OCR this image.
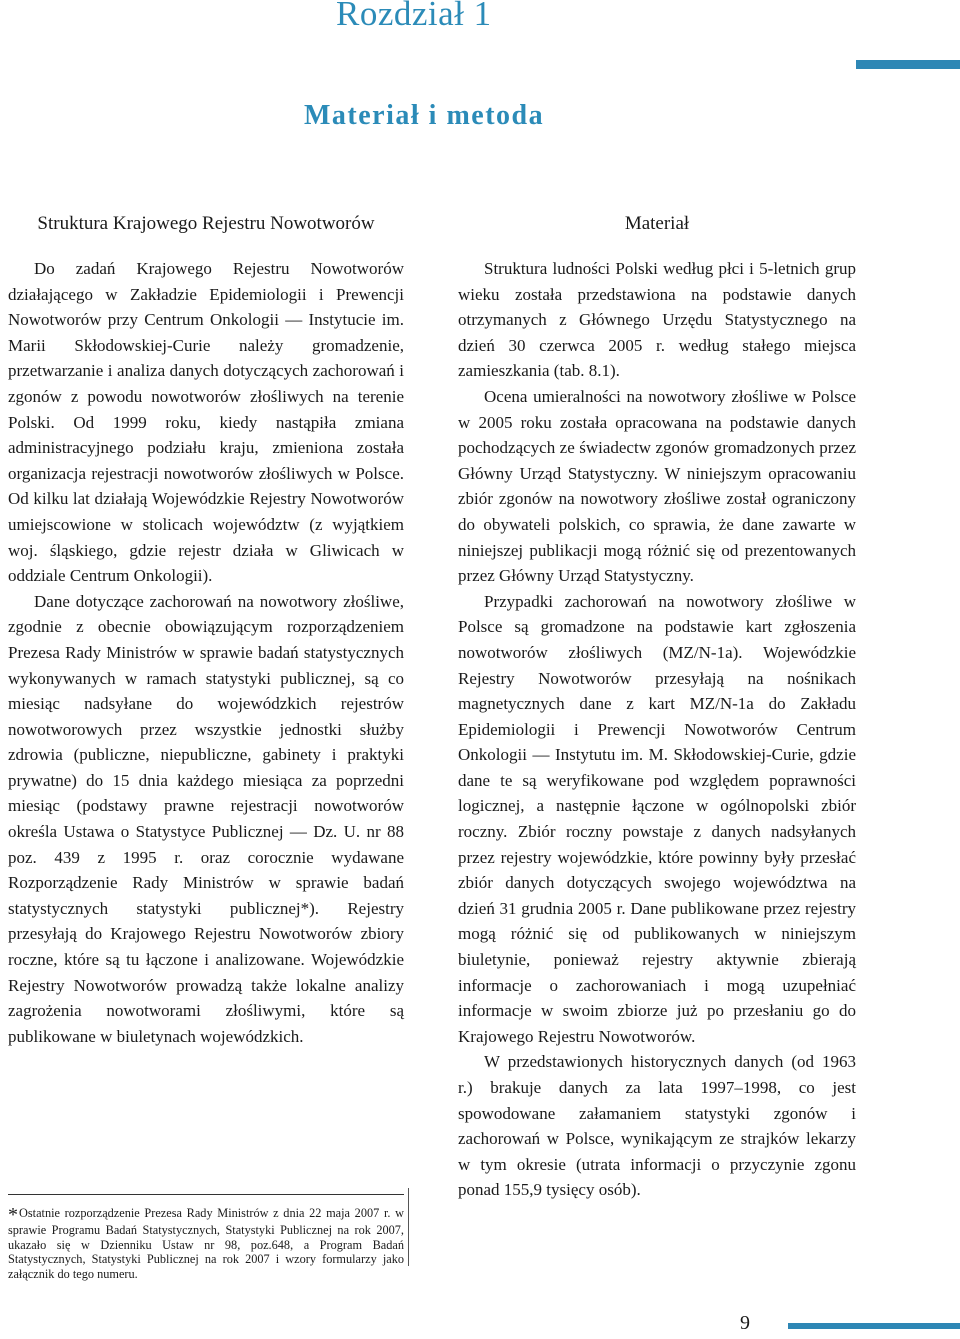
Rozdział 1
Materiał i metoda
Struktura Krajowego Rejestru Nowotworów

Do zadań Krajowego Rejestru Nowotworów działającego w Zakładzie Epidemiologii i Prewencji Nowotworów przy Centrum Onkologii — Instytucie im. Marii Skłodowskiej-Curie należy gromadzenie, przetwarzanie i analiza danych dotyczących zachorowań i zgonów z powodu nowotworów złośliwych na terenie Polski. Od 1999 roku, kiedy nastąpiła zmiana administracyjnego podziału kraju, zmieniona została organizacja rejestracji nowotworów złośliwych w Polsce. Od kilku lat działają Wojewódzkie Rejestry Nowotworów umiejscowione w stolicach województw (z wyjątkiem woj. śląskiego, gdzie rejestr działa w Gliwicach w oddziale Centrum Onkologii).

Dane dotyczące zachorowań na nowotwory złośliwe, zgodnie z obecnie obowiązującym rozporządzeniem Prezesa Rady Ministrów w sprawie badań statystycznych wykonywanych w ramach statystyki publicznej, są co miesiąc nadsyłane do wojewódzkich rejestrów nowotworowych przez wszystkie jednostki służby zdrowia (publiczne, niepubliczne, gabinety i praktyki prywatne) do 15 dnia każdego miesiąca za poprzedni miesiąc (podstawy prawne rejestracji nowotworów określa Ustawa o Statystyce Publicznej — Dz. U. nr 88 poz. 439 z 1995 r. oraz corocznie wydawane Rozporządzenie Rady Ministrów w sprawie badań statystycznych statystyki publicznej*). Rejestry przesyłają do Krajowego Rejestru Nowotworów zbiory roczne, które są tu łączone i analizowane. Wojewódzkie Rejestry Nowotworów prowadzą także lokalne analizy zagrożenia nowotworami złośliwymi, które są publikowane w biuletynach wojewódzkich.

*Ostatnie rozporządzenie Prezesa Rady Ministrów z dnia 22 maja 2007 r. w sprawie Programu Badań Statystycznych, Statystyki Publicznej na rok 2007, ukazało się w Dzienniku Ustaw nr 98, poz.648, a Program Badań Statystycznych, Statystyki Publicznej na rok 2007 i wzory formularzy jako załącznik do tego numeru.

Materiał

Struktura ludności Polski według płci i 5-letnich grup wieku została przedstawiona na podstawie danych otrzymanych z Głównego Urzędu Statystycznego na dzień 30 czerwca 2005 r. według stałego miejsca zamieszkania (tab. 8.1).

Ocena umieralności na nowotwory złośliwe w Polsce w 2005 roku została opracowana na podstawie danych pochodzących ze świadectw zgonów gromadzonych przez Główny Urząd Statystyczny. W niniejszym opracowaniu zbiór zgonów na nowotwory złośliwe został ograniczony do obywateli polskich, co sprawia, że dane zawarte w niniejszej publikacji mogą różnić się od prezentowanych przez Główny Urząd Statystyczny.

Przypadki zachorowań na nowotwory złośliwe w Polsce są gromadzone na podstawie kart zgłoszenia nowotworów złośliwych (MZ/N-1a). Wojewódzkie Rejestry Nowotworów przesyłają na nośnikach magnetycznych dane z kart MZ/N-1a do Zakładu Epidemiologii i Prewencji Nowotworów Centrum Onkologii — Instytutu im. M. Skłodowskiej-Curie, gdzie dane te są weryfikowane pod względem poprawności logicznej, a następnie łączone w ogólnopolski zbiór roczny. Zbiór roczny powstaje z danych nadsyłanych przez rejestry wojewódzkie, które powinny były przesłać zbiór danych dotyczących swojego województwa na dzień 31 grudnia 2005 r. Dane publikowane przez rejestry mogą różnić się od publikowanych w niniejszym biuletynie, ponieważ rejestry aktywnie zbierają informacje o zachorowaniach i mogą uzupełniać informacje w swoim zbiorze już po przesłaniu go do Krajowego Rejestru Nowotworów.

W przedstawionych historycznych danych (od 1963 r.) brakuje danych za lata 1997–1998, co jest spowodowane załamaniem statystyki zgonów i zachorowań w Polsce, wynikającym ze strajków lekarzy w tym okresie (utrata informacji o przyczynie zgonu ponad 155,9 tysięcy osób).

9
